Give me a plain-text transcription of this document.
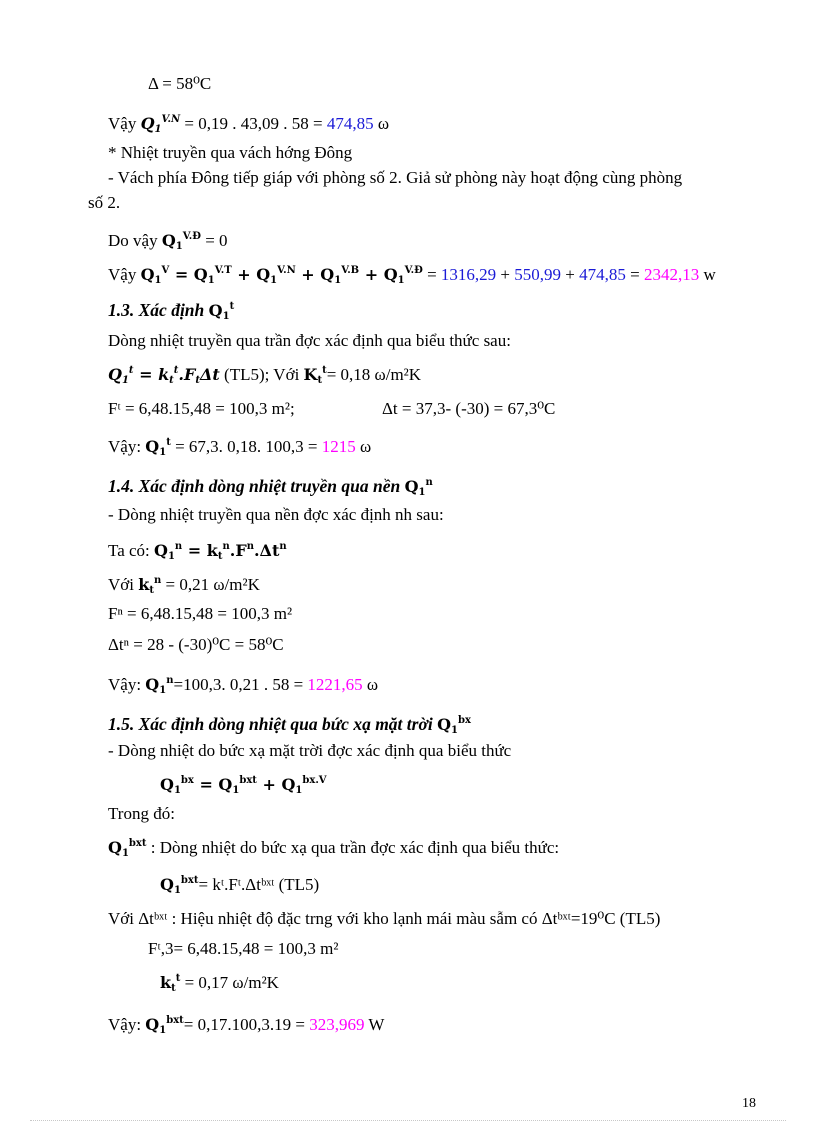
Δ = 58⁰C
Vậy $Q_1^{V.N} = 0,19$ . 43,09 . 58 = 474,85 ω
* Nhiệt truyền qua vách hớng Đông
- Vách phía Đông tiếp giáp với phòng số 2. Giả sử phòng này hoạt động cùng phòng
số 2.
Do vậy $Q_1^{V.Đ} = 0$
Vậy $Q_1^V = Q_1^{V.T} + Q_1^{V.N} + Q_1^{V.B} + Q_1^{V.Đ} = 1316,29 + 550,99 + 474,85 = 2342,13$ w
1.3. Xác định $Q_1^t$
Dòng nhiệt truyền qua trần đợc xác định qua biểu thức sau:
$Q_1^t = k_t^t.F_t\Delta t$ (TL5); Với $K_t^t= 0,18$ ω/m²K
Fᵗ = 6,48.15,48 = 100,3 m²;	Δt = 37,3- (-30) = 67,3⁰C
Vậy: $Q_1^t = 67,3$. 0,18. 100,3 = 1215 ω
1.4. Xác định dòng nhiệt truyền qua nền $Q_1^n$
- Dòng nhiệt truyền qua nền đợc xác định nh sau:
Ta có: $Q_1^n = k_t^n.F^n.\Delta t^n$
Với $k_t^n = 0,21$ ω/m²K
Fⁿ = 6,48.15,48 = 100,3 m²
Δtⁿ = 28 - (-30)⁰C = 58⁰C
Vậy: $Q_1^n=100,3$. 0,21 . 58 = 1221,65 ω
1.5. Xác định dòng nhiệt qua bức xạ mặt trời $Q_1^{bx}$
- Dòng nhiệt do bức xạ mặt trời đợc xác định qua biểu thức
$Q_1^{bx} = Q_1^{bxt} + Q_1^{bx.V}$
Trong đó:
$Q_1^{bxt}$ : Dòng nhiệt do bức xạ qua trần đợc xác định qua biểu thức:
$Q_1^{bxt}=$ kᵗ.Fᵗ.Δtᵇˣᵗ (TL5)
Với Δtᵇˣᵗ : Hiệu nhiệt độ đặc trng với kho lạnh mái màu sẫm có Δtᵇˣᵗ=19⁰C (TL5)
Fᵗ,3= 6,48.15,48 = 100,3 m²
$k_t^t = 0,17$ ω/m²K
Vậy: $Q_1^{bxt}= 0,17.100,3.19 = 323,969$ W
18
